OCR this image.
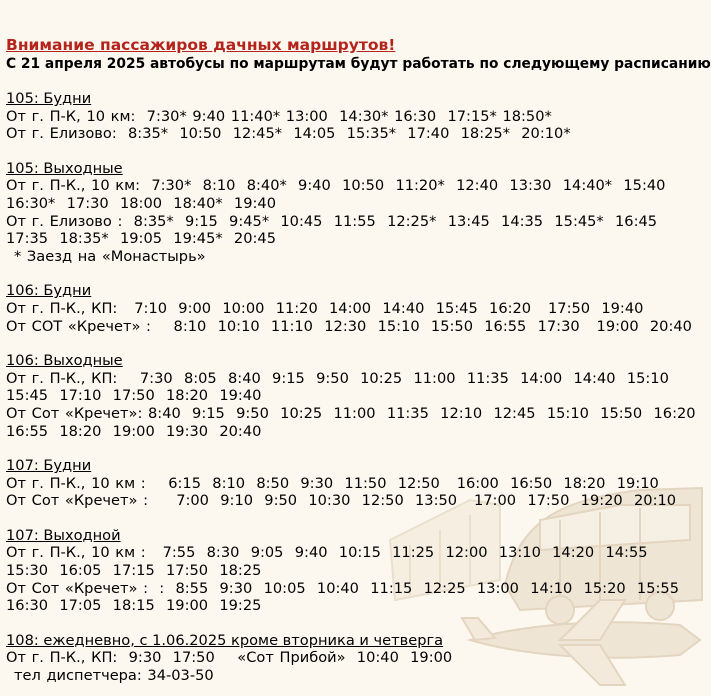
Внимание пассажиров дачных маршрутов!
С 21 апреля 2025 автобусы по маршрутам будут работать по следующему расписанию
105: Будни
От г. П-К, 10 км:  7:30* 9:40 11:40* 13:00  14:30* 16:30  17:15* 18:50*
От г. Елизово:  8:35*  10:50  12:45*  14:05  15:35*  17:40  18:25*  20:10*
105: Выходные
От г. П-К., 10 км:  7:30*  8:10  8:40*  9:40  10:50  11:20*  12:40  13:30  14:40*  15:40  16:30*  17:30  18:00  18:40*  19:40
От г. Елизово :  8:35*  9:15  9:45*  10:45  11:55  12:25*  13:45  14:35  15:45*  16:45  17:35  18:35*  19:05  19:45*  20:45
* Заезд на «Монастырь»
106: Будни
От г. П-К., КП:   7:10  9:00  10:00  11:20  14:00  14:40  15:45  16:20   17:50  19:40
От СОТ «Кречет» :    8:10  10:10  11:10  12:30  15:10  15:50  16:55  17:30   19:00  20:40
106: Выходные
От г. П-К., КП:    7:30  8:05  8:40  9:15  9:50  10:25  11:00  11:35  14:00  14:40  15:10  15:45  17:10  17:50  18:20  19:40
От Сот «Кречет»: 8:40  9:15  9:50  10:25  11:00  11:35  12:10  12:45  15:10  15:50  16:20  16:55  18:20  19:00  19:30  20:40
107: Будни
От г. П-К., 10 км :    6:15  8:10  8:50  9:30  11:50  12:50   16:00  16:50  18:20  19:10
От Сот «Кречет» :     7:00  9:10  9:50  10:30  12:50  13:50   17:00  17:50  19:20  20:10
107: Выходной
От г. П-К., 10 км :   7:55  8:30  9:05  9:40  10:15  11:25  12:00  13:10  14:20  14:55  15:30  16:05  17:15  17:50  18:25
От Сот «Кречет» :  :  8:55  9:30  10:05  10:40  11:15  12:25  13:00  14:10  15:20  15:55  16:30  17:05  18:15  19:00  19:25
108: ежедневно, с 1.06.2025 кроме вторника и четверга
От г. П-К., КП:  9:30  17:50    «Сот Прибой»  10:40  19:00
тел диспетчера: 34-03-50
